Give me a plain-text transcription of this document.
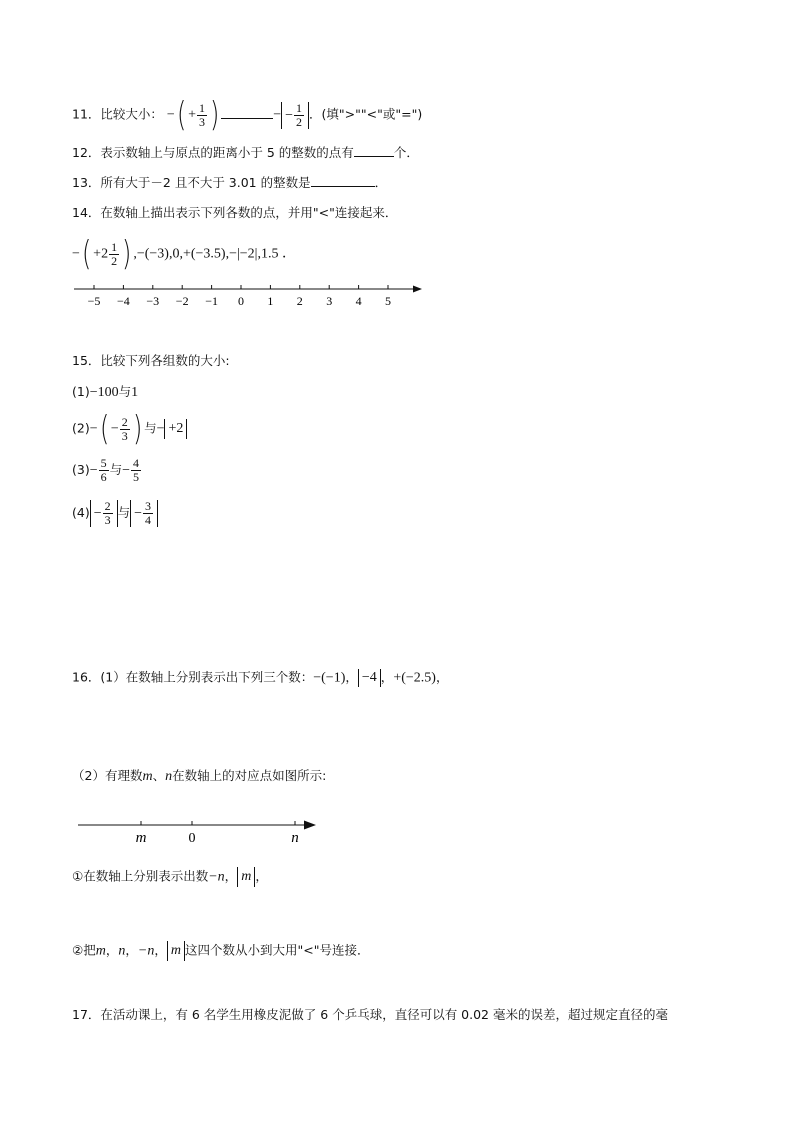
11．比较大小： −( + $\frac{1}{3}$ )	− − $\frac{1}{2}$ ．(填">""<"或"=")
12．表示数轴上与原点的距离小于 5 的整数的点有	个．
13．所有大于－2 且不大于 3.01 的整数是	．
14．在数轴上描出表示下列各数的点，并用"<"连接起来．
−( $+2 \frac{1}{2}$ ) ,−(−3),0,+(−3.5),−|−2|,1.5 ．
−5 −4 −3 −2 −1 0 1 2 3 4 5
15．比较下列各组数的大小:
(1)−100与1
$(2)-( - \frac{2}{3}$ ) 与− +2
$(3)- \frac{5}{6}$ 与− $\frac{4}{5}$
$(4) - \frac{2}{3}$ 与 − $\frac{3}{4}$
16．(1）在数轴上分别表示出下列三个数：−(−1)， −4 ，+(−2.5)，
（2）有理数m、n在数轴上的对应点如图所示:
m	0	n
①在数轴上分别表示出数−n， m ，
②把m，n，−n， m 这四个数从小到大用"<"号连接．
17．在活动课上，有 6 名学生用橡皮泥做了 6 个乒乓球，直径可以有 0.02 毫米的误差，超过规定直径的毫
